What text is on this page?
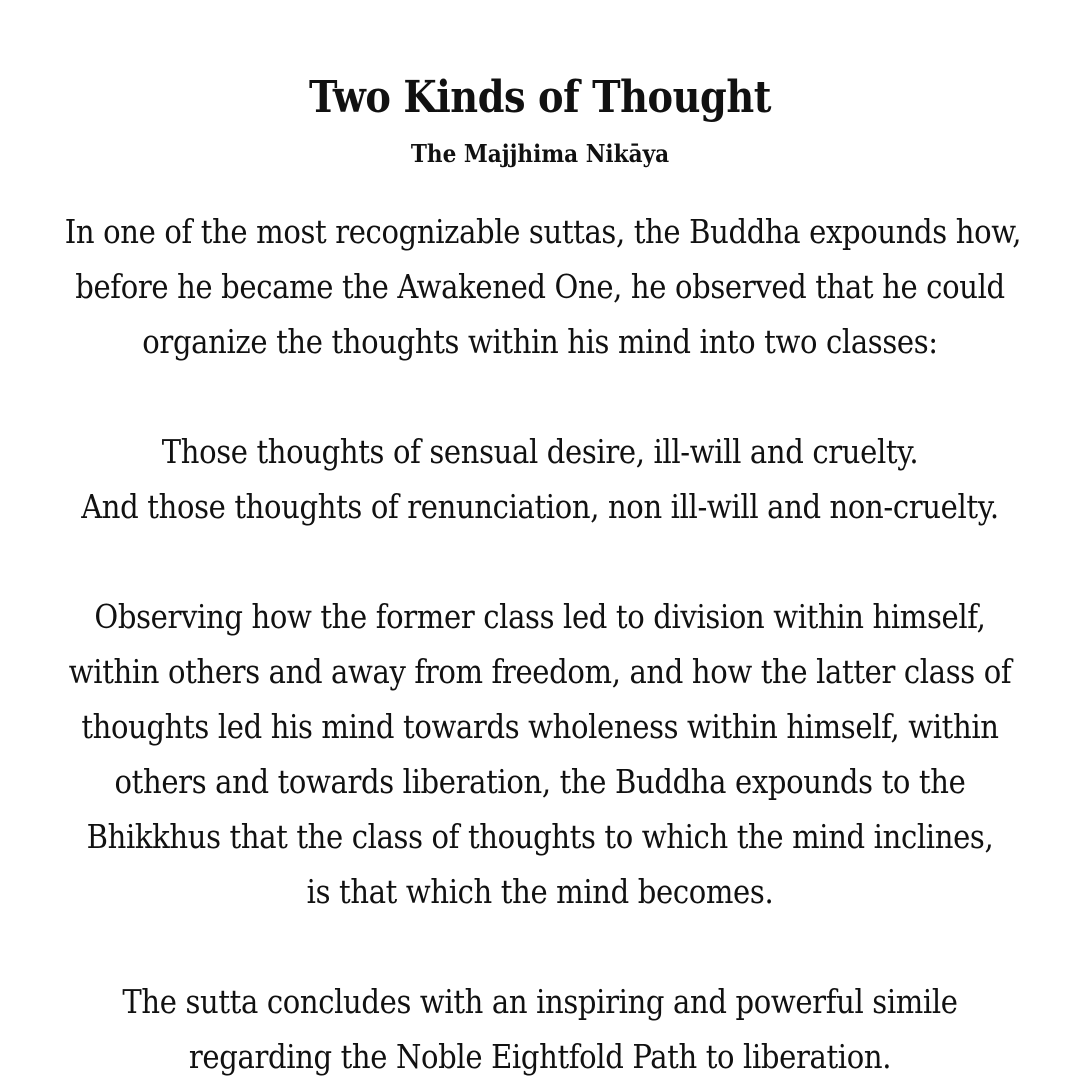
Two Kinds of Thought
The Majjhima Nikāya
In one of the most recognizable suttas, the Buddha expounds how,
before he became the Awakened One, he observed that he could
organize the thoughts within his mind into two classes:
Those thoughts of sensual desire, ill-will and cruelty.
And those thoughts of renunciation, non ill-will and non-cruelty.
Observing how the former class led to division within himself,
within others and away from freedom, and how the latter class of
thoughts led his mind towards wholeness within himself, within
others and towards liberation, the Buddha expounds to the
Bhikkhus that the class of thoughts to which the mind inclines,
is that which the mind becomes.
The sutta concludes with an inspiring and powerful simile
regarding the Noble Eightfold Path to liberation.
